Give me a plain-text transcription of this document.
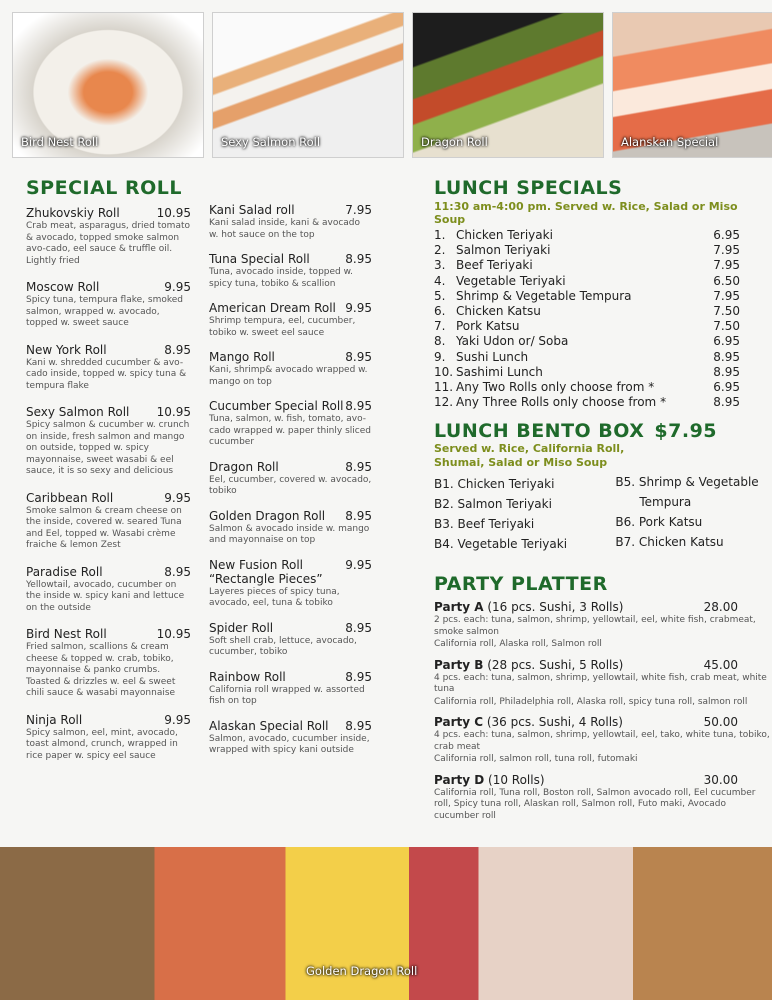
Bird Nest Roll	Sexy Salmon Roll	Dragon Roll	Alanskan Special
SPECIAL ROLL
Zhukovskiy Roll	10.95
Crab meat, asparagus, dried tomato & avocado, topped smoke salmon avo-cado, eel sauce & truffle oil. Lightly fried
Moscow Roll	9.95
Spicy tuna, tempura flake, smoked salmon, wrapped w. avocado, topped w. sweet sauce
New York Roll	8.95
Kani w. shredded cucumber & avo-cado inside, topped w. spicy tuna & tempura flake
Sexy Salmon Roll 10.95
Spicy salmon & cucumber w. crunch on inside, fresh salmon and mango on outside, topped w. spicy mayonnaise, sweet wasabi & eel sauce, it is so sexy and delicious
Caribbean Roll	9.95
Smoke salmon & cream cheese on the inside, covered w. seared Tuna and Eel, topped w. Wasabi crème fraiche & lemon Zest
Paradise Roll	8.95
Yellowtail, avocado, cucumber on the inside w. spicy kani and lettuce on the outside
Bird Nest Roll	10.95
Fried salmon, scallions & cream cheese & topped w. crab, tobiko, mayonnaise & panko crumbs. Toasted & drizzles w. eel & sweet chili sauce & wasabi mayonnaise
Ninja Roll	9.95
Spicy salmon, eel, mint, avocado, toast almond, crunch, wrapped in rice paper w. spicy eel sauce
Kani Salad roll	7.95
Kani salad inside, kani & avocado w. hot sauce on the top
Tuna Special Roll	8.95
Tuna, avocado inside, topped w. spicy tuna, tobiko & scallion
American Dream Roll 9.95
Shrimp tempura, eel, cucumber, tobiko w. sweet eel sauce
Mango Roll	8.95
Kani, shrimp& avocado wrapped w. mango on top
Cucumber Special Roll 8.95
Tuna, salmon, w. fish, tomato, avo-cado wrapped w. paper thinly sliced cucumber
Dragon Roll	8.95
Eel, cucumber, covered w. avocado, tobiko
Golden Dragon Roll 8.95
Salmon & avocado inside w. mango and mayonnaise on top
New Fusion Roll	9.95
“Rectangle Pieces”
Layeres pieces of spicy tuna, avocado, eel, tuna & tobiko
Spider Roll	8.95
Soft shell crab, lettuce, avocado, cucumber, tobiko
Rainbow Roll	8.95
California roll wrapped w. assorted fish on top
Alaskan Special Roll 8.95
Salmon, avocado, cucumber inside, wrapped with spicy kani outside
LUNCH SPECIALS
11:30 am-4:00 pm. Served w. Rice, Salad or Miso Soup
1. Chicken Teriyaki	6.95
2. Salmon Teriyaki	7.95
3. Beef Teriyaki	7.95
4. Vegetable Teriyaki	6.50
5. Shrimp & Vegetable Tempura	7.95
6. Chicken Katsu	7.50
7. Pork Katsu	7.50
8. Yaki Udon or/ Soba	6.95
9. Sushi Lunch	8.95
10. Sashimi Lunch	8.95
11. Any Two Rolls only choose from *	6.95
12. Any Three Rolls only choose from *	8.95
LUNCH BENTO BOX $7.95
Served w. Rice, California Roll, Shumai, Salad or Miso Soup
B1. Chicken Teriyaki
B2. Salmon Teriyaki
B3. Beef Teriyaki
B4. Vegetable Teriyaki
B5. Shrimp & Vegetable
Tempura
B6. Pork Katsu
B7. Chicken Katsu
PARTY PLATTER
Party A (16 pcs. Sushi, 3 Rolls)	28.00
2 pcs. each: tuna, salmon, shrimp, yellowtail, eel, white fish, crabmeat, smoke salmon
California roll, Alaska roll, Salmon roll
Party B (28 pcs. Sushi, 5 Rolls)	45.00
4 pcs. each: tuna, salmon, shrimp, yellowtail, white fish, crab meat, white tuna
California roll, Philadelphia roll, Alaska roll, spicy tuna roll, salmon roll
Party C (36 pcs. Sushi, 4 Rolls)	50.00
4 pcs. each: tuna, salmon, shrimp, yellowtail, eel, tako, white tuna, tobiko, crab meat
California roll, salmon roll, tuna roll, futomaki
Party D (10 Rolls)	30.00
California roll, Tuna roll, Boston roll, Salmon avocado roll, Eel cucumber roll, Spicy tuna roll, Alaskan roll, Salmon roll, Futo maki, Avocado cucumber roll
Golden Dragon Roll
